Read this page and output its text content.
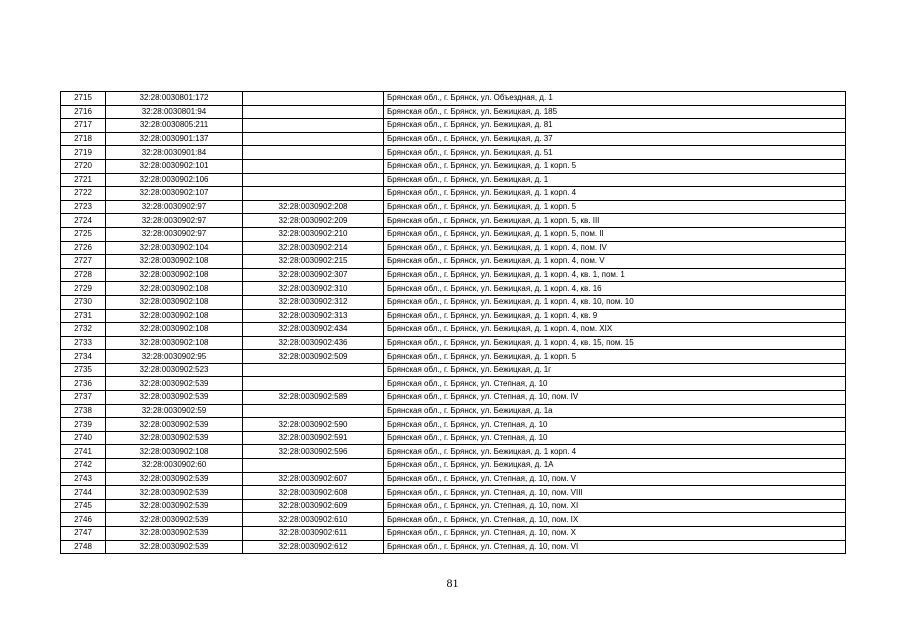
2715	32:28:0030801:172		Брянская обл., г. Брянск, ул. Объездная, д. 1
2716	32:28:0030801:94		Брянская обл., г. Брянск, ул. Бежицкая, д. 185
2717	32:28:0030805:211		Брянская обл., г. Брянск, ул. Бежицкая, д. 81
2718	32:28:0030901:137		Брянская обл., г. Брянск, ул. Бежицкая, д. 37
2719	32:28:0030901:84		Брянская обл., г. Брянск, ул. Бежицкая, д. 51
2720	32:28:0030902:101		Брянская обл., г. Брянск, ул. Бежицкая, д. 1 корп. 5
2721	32:28:0030902:106		Брянская обл., г. Брянск, ул. Бежицкая, д. 1
2722	32:28:0030902:107		Брянская обл., г. Брянск, ул. Бежицкая, д. 1 корп. 4
2723	32:28:0030902:97	32:28:0030902:208	Брянская обл., г. Брянск, ул. Бежицкая, д. 1 корп. 5
2724	32:28:0030902:97	32:28:0030902:209	Брянская обл., г. Брянск, ул. Бежицкая, д. 1 корп. 5, кв. III
2725	32:28:0030902:97	32:28:0030902:210	Брянская обл., г. Брянск, ул. Бежицкая, д. 1 корп. 5, пом. II
2726	32:28:0030902:104	32:28:0030902:214	Брянская обл., г. Брянск, ул. Бежицкая, д. 1 корп. 4, пом. IV
2727	32:28:0030902:108	32:28:0030902:215	Брянская обл., г. Брянск, ул. Бежицкая, д. 1 корп. 4, пом. V
2728	32:28:0030902:108	32:28:0030902:307	Брянская обл., г. Брянск, ул. Бежицкая, д. 1 корп. 4, кв. 1, пом. 1
2729	32:28:0030902:108	32:28:0030902:310	Брянская обл., г. Брянск, ул. Бежицкая, д. 1 корп. 4, кв. 16
2730	32:28:0030902:108	32:28:0030902:312	Брянская обл., г. Брянск, ул. Бежицкая, д. 1 корп. 4, кв. 10, пом. 10
2731	32:28:0030902:108	32:28:0030902:313	Брянская обл., г. Брянск, ул. Бежицкая, д. 1 корп. 4, кв. 9
2732	32:28:0030902:108	32:28:0030902:434	Брянская обл., г. Брянск, ул. Бежицкая, д. 1 корп. 4, пом. XIX
2733	32:28:0030902:108	32:28:0030902:436	Брянская обл., г. Брянск, ул. Бежицкая, д. 1 корп. 4, кв. 15, пом. 15
2734	32:28:0030902:95	32:28:0030902:509	Брянская обл., г. Брянск, ул. Бежицкая, д. 1 корп. 5
2735	32:28:0030902:523		Брянская обл., г. Брянск, ул. Бежицкая, д. 1г
2736	32:28:0030902:539		Брянская обл., г. Брянск, ул. Степная, д. 10
2737	32:28:0030902:539	32:28:0030902:589	Брянская обл., г. Брянск, ул. Степная, д. 10, пом. IV
2738	32:28:0030902:59		Брянская обл., г. Брянск, ул. Бежицкая, д. 1а
2739	32:28:0030902:539	32:28:0030902:590	Брянская обл., г. Брянск, ул. Степная, д. 10
2740	32:28:0030902:539	32:28:0030902:591	Брянская обл., г. Брянск, ул. Степная, д. 10
2741	32:28:0030902:108	32:28:0030902:596	Брянская обл., г. Брянск, ул. Бежицкая, д. 1 корп. 4
2742	32:28:0030902:60		Брянская обл., г. Брянск, ул. Бежицкая, д. 1А
2743	32:28:0030902:539	32:28:0030902:607	Брянская обл., г. Брянск, ул. Степная, д. 10, пом. V
2744	32:28:0030902:539	32:28:0030902:608	Брянская обл., г. Брянск, ул. Степная, д. 10, пом. VIII
2745	32:28:0030902:539	32:28:0030902:609	Брянская обл., г. Брянск, ул. Степная, д. 10, пом. XI
2746	32:28:0030902:539	32:28:0030902:610	Брянская обл., г. Брянск, ул. Степная, д. 10, пом. IX
2747	32:28:0030902:539	32:28:0030902:611	Брянская обл., г. Брянск, ул. Степная, д. 10, пом. X
2748	32:28:0030902:539	32:28:0030902:612	Брянская обл., г. Брянск, ул. Степная, д. 10, пом. VI
81
